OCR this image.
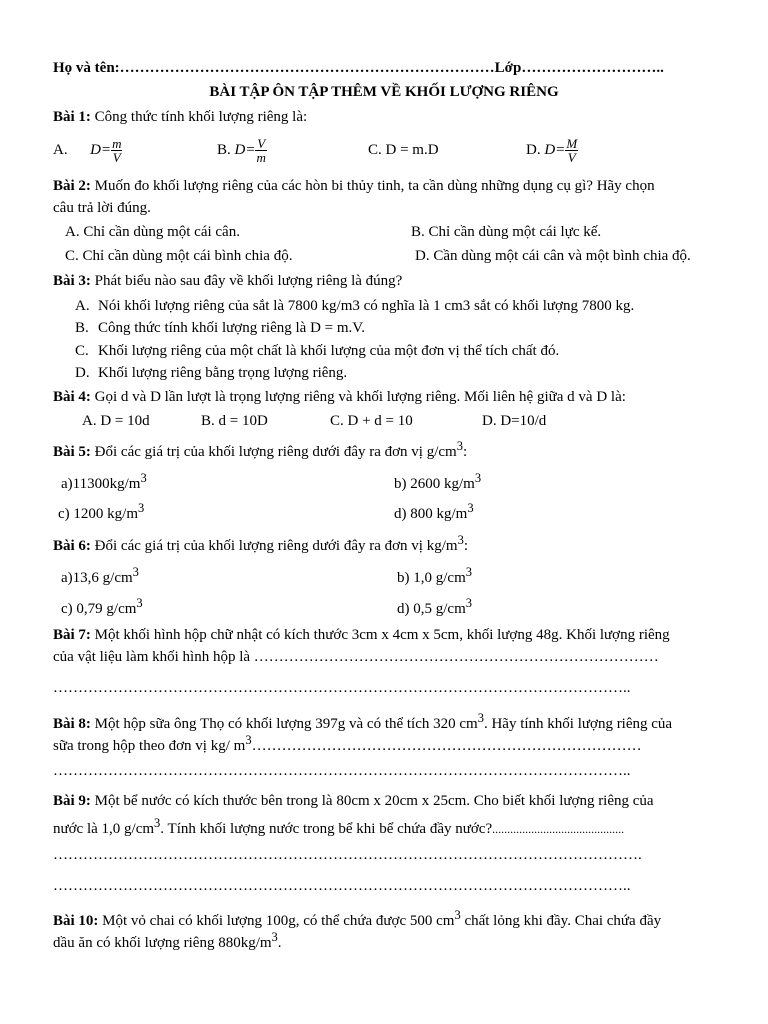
Họ và tên:…………………………………………………………………Lớp………………………..
BÀI TẬP ÔN TẬP THÊM VỀ KHỐI LƯỢNG RIÊNG
Bài 1: Công thức tính khối lượng riêng là:
A. $D= \frac{m}{V}$	B. $D= \frac{V}{m}$	C. D = m.D	D. $D= \frac{M}{V}$
Bài 2: Muốn đo khối lượng riêng của các hòn bi thủy tinh, ta cần dùng những dụng cụ gì? Hãy chọn
câu trả lời đúng.
A. Chỉ cần dùng một cái cân.	B. Chỉ cần dùng một cái lực kế.
C. Chỉ cần dùng một cái bình chia độ.	D. Cần dùng một cái cân và một bình chia độ.
Bài 3: Phát biểu nào sau đây về khối lượng riêng là đúng?
A. Nói khối lượng riêng của sắt là 7800 kg/m3 có nghĩa là 1 cm3 sắt có khối lượng 7800 kg.
B. Công thức tính khối lượng riêng là D = m.V.
C. Khối lượng riêng của một chất là khối lượng của một đơn vị thể tích chất đó.
D. Khối lượng riêng bằng trọng lượng riêng.
Bài 4: Gọi d và D lần lượt là trọng lượng riêng và khối lượng riêng. Mối liên hệ giữa d và D là:
A. D = 10d	B. d = 10D	C. D + d = 10	D. D=10/d
Bài 5: Đổi các giá trị của khối lượng riêng dưới đây ra đơn vị $g/cm^3$:
$a)11300kg/m^3$	b) 2600 $kg/m^3$
c) 1200 $kg/m^3$	d) 800 $kg/m^3$
Bài 6: Đổi các giá trị của khối lượng riêng dưới đây ra đơn vị $kg/m^3$:
a)13,6 $g/cm^3$	b) 1,0 $g/cm^3$
c) 0,79 $g/cm^3$	d) 0,5 $g/cm^3$
Bài 7: Một khối hình hộp chữ nhật có kích thước 3cm x 4cm x 5cm, khối lượng 48g. Khối lượng riêng
của vật liệu làm khối hình hộp là ………………………………………………………………………
……………………………………………………………………………………………………..
Bài 8: Một hộp sữa ông Thọ có khối lượng 397g và có thể tích 320 $cm^3$. Hãy tính khối lượng riêng của
sữa trong hộp theo đơn vị kg/ $m^3\dots\dots\dots\dots\dots\dots\dots\dots\dots\dots\dots\dots\dots\dots\dots\dots\dots\dots\dots\dots\dots\dots\dots\dots\dots\dots$
……………………………………………………………………………………………………..
Bài 9: Một bể nước có kích thước bên trong là 80cm x 20cm x 25cm. Cho biết khối lượng riêng của
nước là 1,0 $g/cm^3$. Tính khối lượng nước trong bể khi bể chứa đầy nước?............................................
……………………………………………………………………………………………………….
……………………………………………………………………………………………………..
Bài 10: Một vỏ chai có khối lượng 100g, có thể chứa được 500 $cm^3$ chất lỏng khi đầy. Chai chứa đầy
dầu ăn có khối lượng riêng $880kg/m^3$.
